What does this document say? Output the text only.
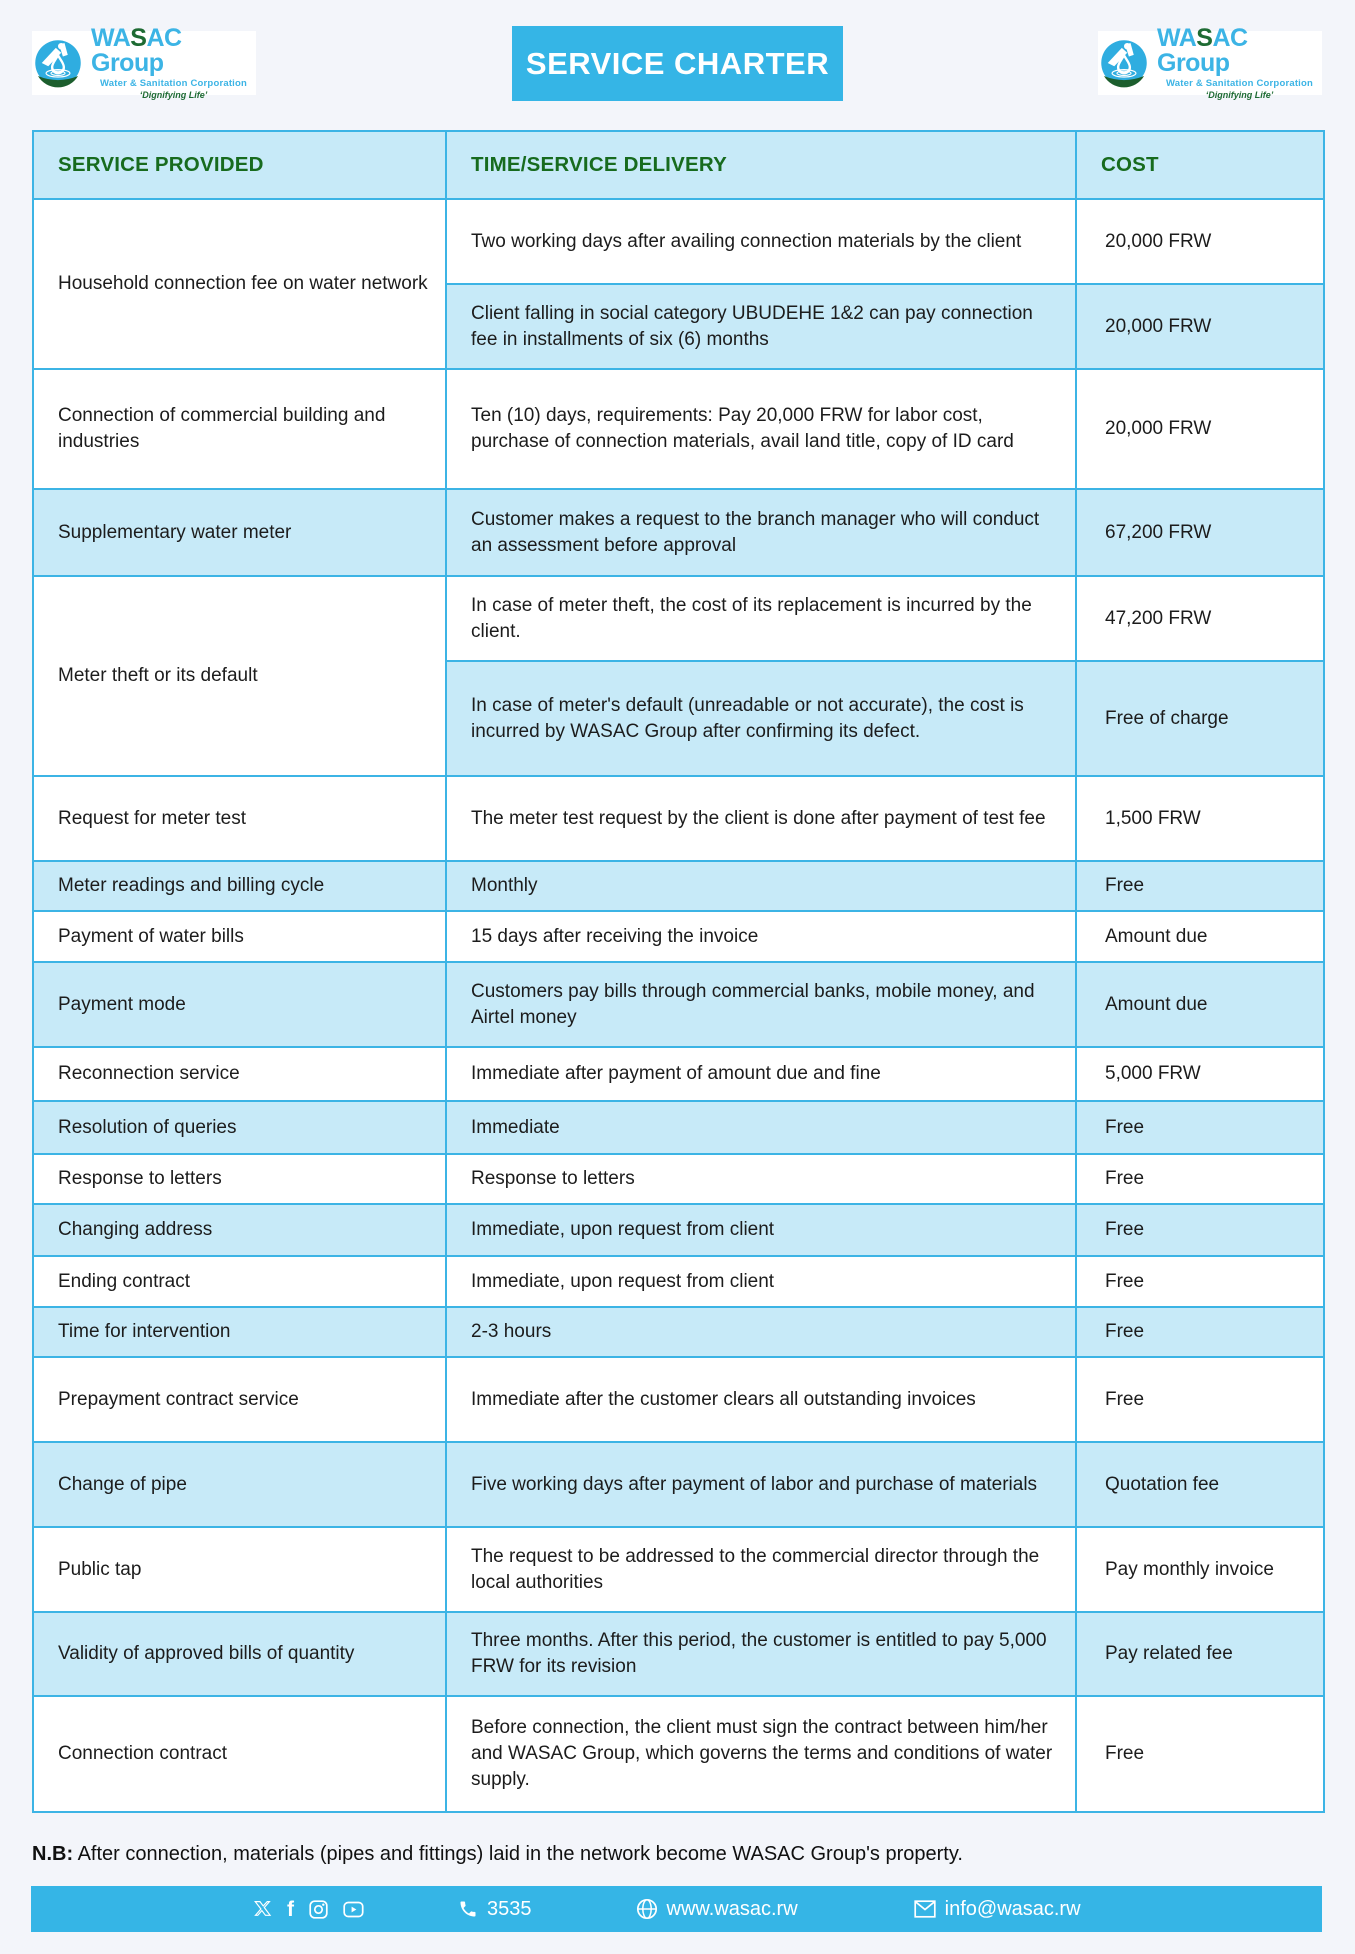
WASAC Group
Water & Sanitation Corporation
‘Dignifying Life’
SERVICE CHARTER
WASAC Group
Water & Sanitation Corporation
‘Dignifying Life’
SERVICE PROVIDED	TIME/SERVICE DELIVERY	COST
Household connection fee on water network	Two working days after availing connection materials by the client	20,000 FRW
	Client falling in social category UBUDEHE 1&2 can pay connection fee in installments of six (6) months	20,000 FRW
Connection of commercial building and industries	Ten (10) days, requirements: Pay 20,000 FRW for labor cost, purchase of connection materials, avail land title, copy of ID card	20,000 FRW
Supplementary water meter	Customer makes a request to the branch manager who will conduct an assessment before approval	67,200 FRW
Meter theft or its default	In case of meter theft, the cost of its replacement is incurred by the client.	47,200 FRW
	In case of meter's default (unreadable or not accurate), the cost is incurred by WASAC Group after confirming its defect.	Free of charge
Request for meter test	The meter test request by the client is done after payment of test fee	1,500 FRW
Meter readings and billing cycle	Monthly	Free
Payment of water bills	15 days after receiving the invoice	Amount due
Payment mode	Customers pay bills through commercial banks, mobile money, and Airtel money	Amount due
Reconnection service	Immediate after payment of amount due and fine	5,000 FRW
Resolution of queries	Immediate	Free
Response to letters	Response to letters	Free
Changing address	Immediate, upon request from client	Free
Ending contract	Immediate, upon request from client	Free
Time for intervention	2-3 hours	Free
Prepayment contract service	Immediate after the customer clears all outstanding invoices	Free
Change of pipe	Five working days after payment of labor and purchase of materials	Quotation fee
Public tap	The request to be addressed to the commercial director through the local authorities	Pay monthly invoice
Validity of approved bills of quantity	Three months. After this period, the customer is entitled to pay 5,000 FRW for its revision	Pay related fee
Connection contract	Before connection, the client must sign the contract between him/her and WASAC Group, which governs the terms and conditions of water supply.	Free
N.B: After connection, materials (pipes and fittings) laid in the network become WASAC Group's property.
f	3535	www.wasac.rw	info@wasac.rw
